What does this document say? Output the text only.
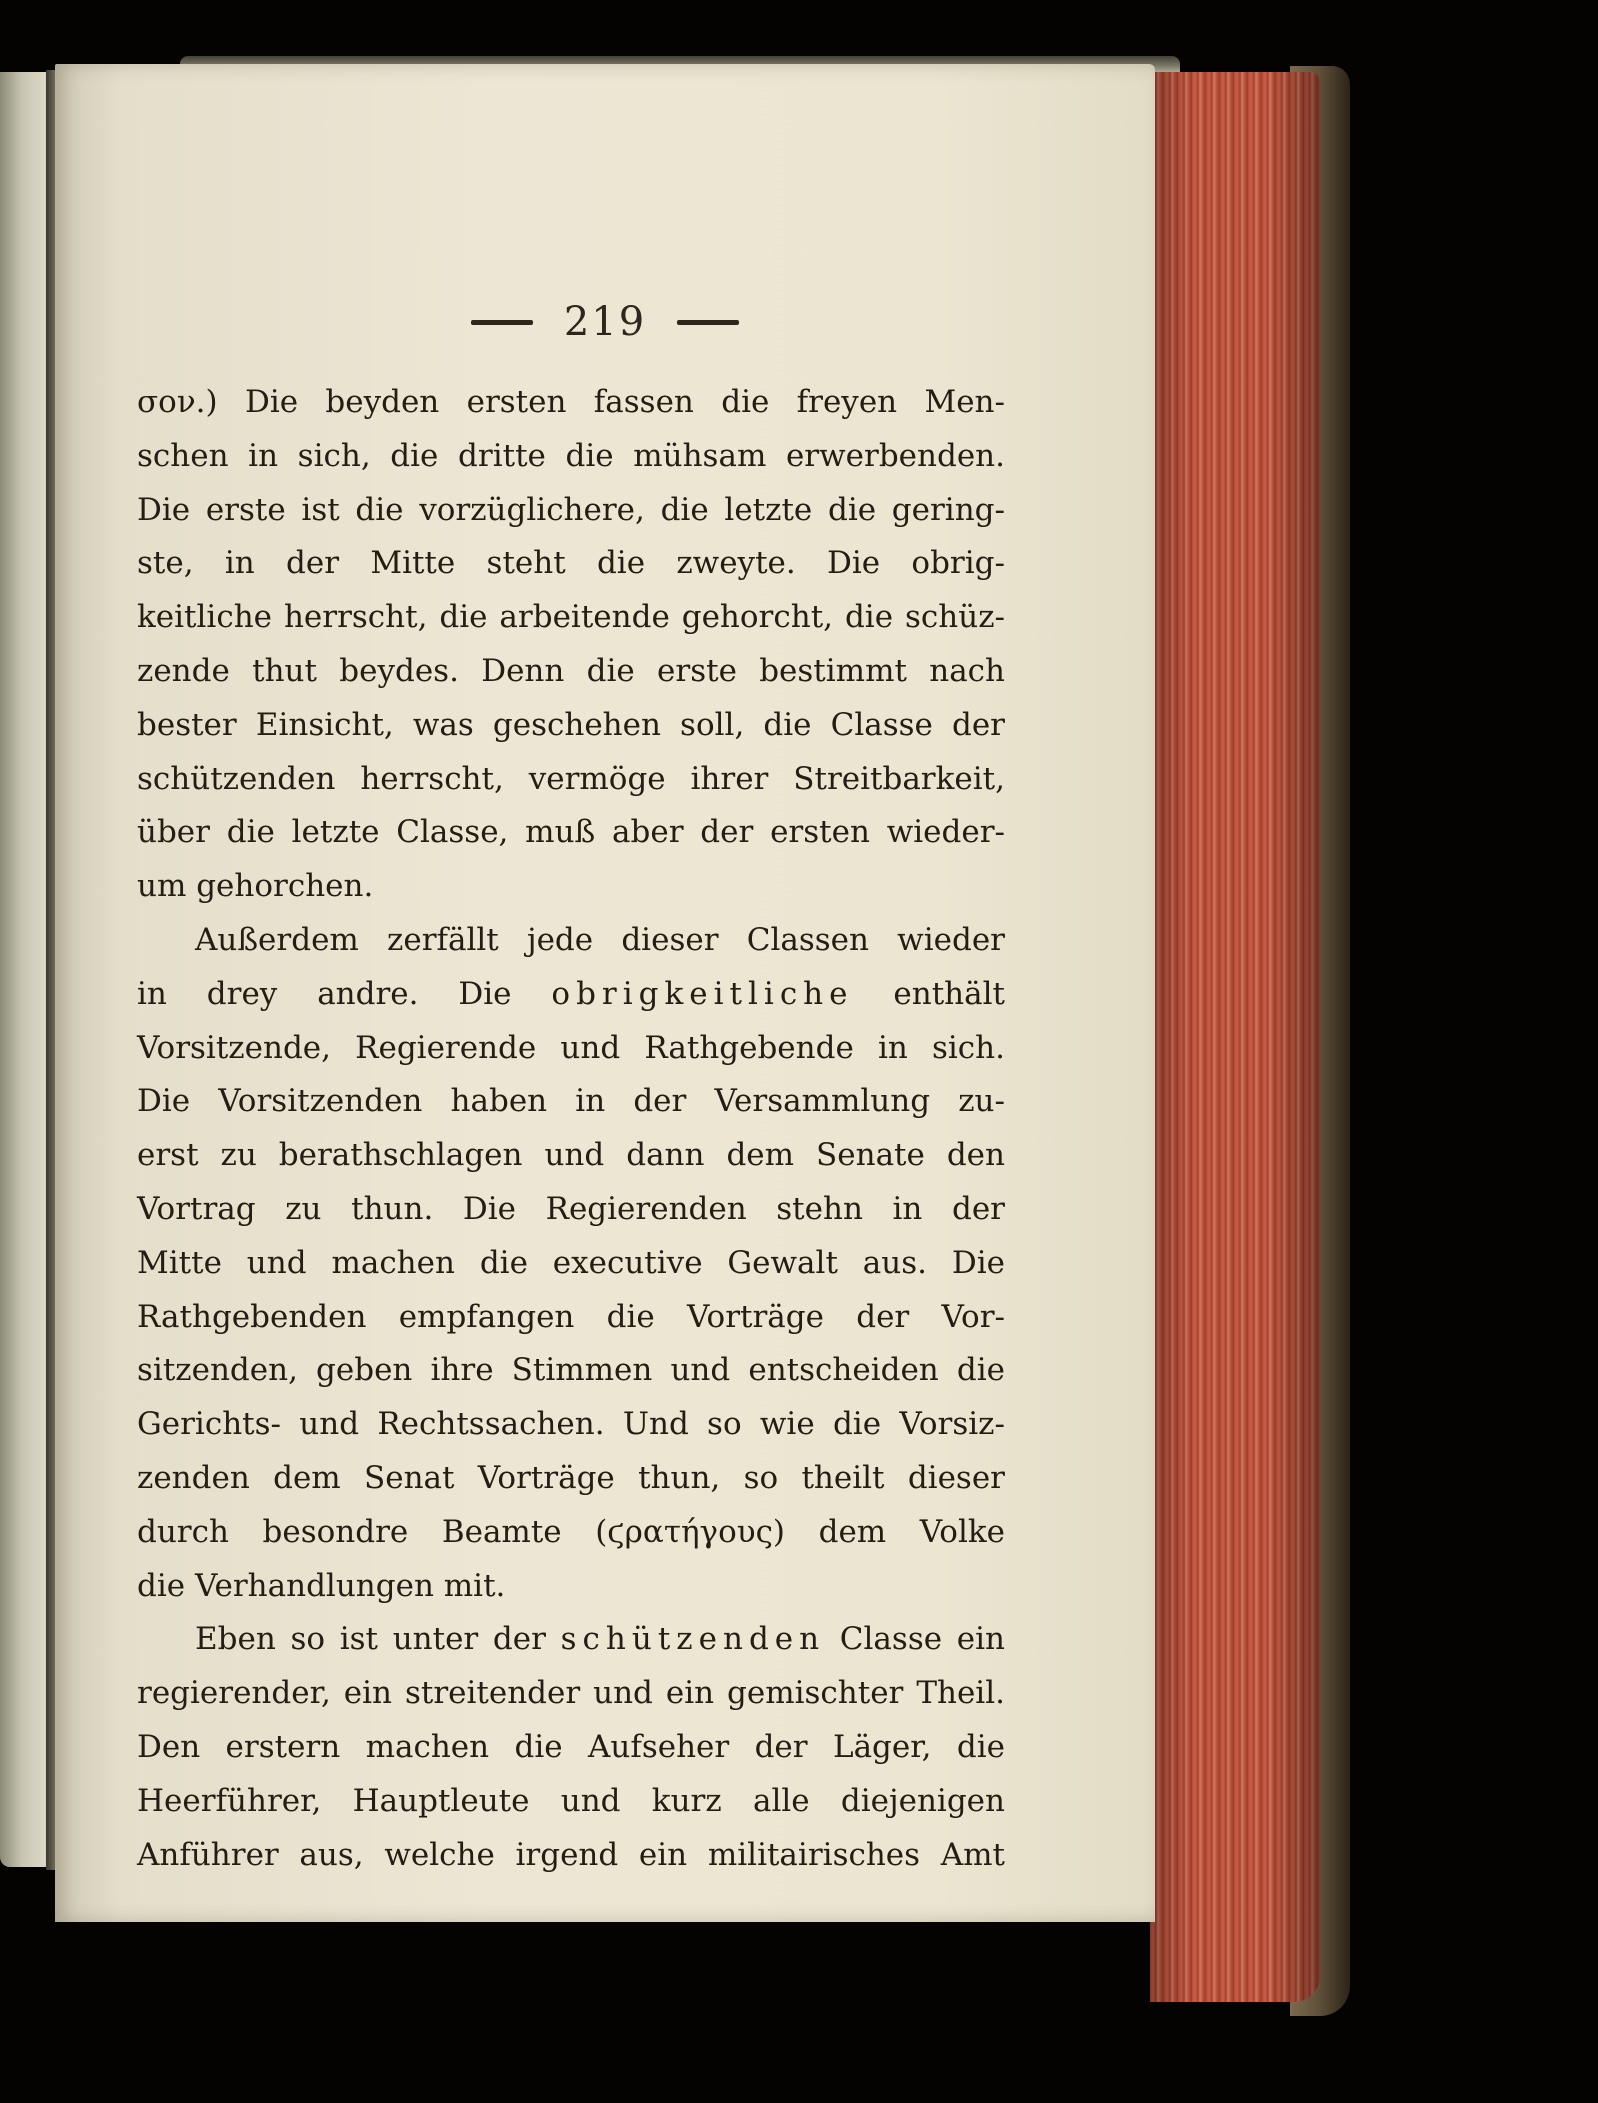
219
σον.) Die beyden ersten fassen die freyen Men-
schen in sich, die dritte die mühsam erwerbenden.
Die erste ist die vorzüglichere, die letzte die gering-
ste, in der Mitte steht die zweyte. Die obrig-
keitliche herrscht, die arbeitende gehorcht, die schüz-
zende thut beydes. Denn die erste bestimmt nach
bester Einsicht, was geschehen soll, die Classe der
schützenden herrscht, vermöge ihrer Streitbarkeit,
über die letzte Classe, muß aber der ersten wieder-
um gehorchen.
Außerdem zerfällt jede dieser Classen wieder
in drey andre. Die obrigkeitliche enthält
Vorsitzende, Regierende und Rathgebende in sich.
Die Vorsitzenden haben in der Versammlung zu-
erst zu berathschlagen und dann dem Senate den
Vortrag zu thun. Die Regierenden stehn in der
Mitte und machen die executive Gewalt aus. Die
Rathgebenden empfangen die Vorträge der Vor-
sitzenden, geben ihre Stimmen und entscheiden die
Gerichts- und Rechtssachen. Und so wie die Vorsiz-
zenden dem Senat Vorträge thun, so theilt dieser
durch besondre Beamte (ϛρατήγους) dem Volke
die Verhandlungen mit.
Eben so ist unter der schützenden Classe ein
regierender, ein streitender und ein gemischter Theil.
Den erstern machen die Aufseher der Läger, die
Heerführer, Hauptleute und kurz alle diejenigen
Anführer aus, welche irgend ein militairisches Amt
